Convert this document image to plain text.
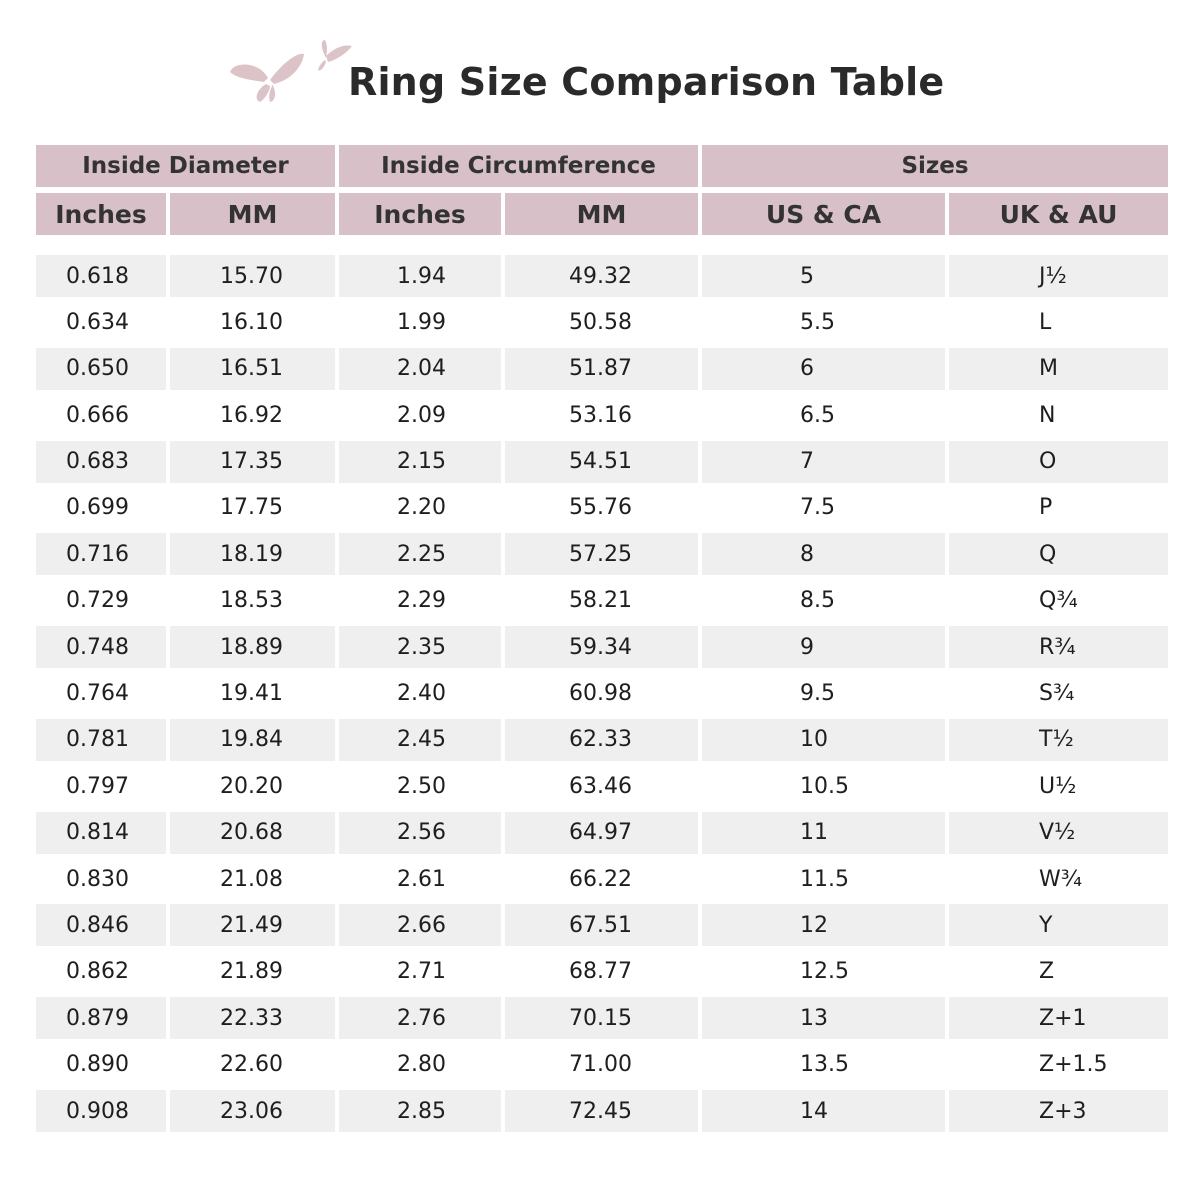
Ring Size Comparison Table
Inside Diameter	Inside Circumference	Sizes
Inches	MM	Inches	MM	US & CA	UK & AU
0.618	15.70	1.94	49.32	5	J½
0.634	16.10	1.99	50.58	5.5	L
0.650	16.51	2.04	51.87	6	M
0.666	16.92	2.09	53.16	6.5	N
0.683	17.35	2.15	54.51	7	O
0.699	17.75	2.20	55.76	7.5	P
0.716	18.19	2.25	57.25	8	Q
0.729	18.53	2.29	58.21	8.5	Q¾
0.748	18.89	2.35	59.34	9	R¾
0.764	19.41	2.40	60.98	9.5	S¾
0.781	19.84	2.45	62.33	10	T½
0.797	20.20	2.50	63.46	10.5	U½
0.814	20.68	2.56	64.97	11	V½
0.830	21.08	2.61	66.22	11.5	W¾
0.846	21.49	2.66	67.51	12	Y
0.862	21.89	2.71	68.77	12.5	Z
0.879	22.33	2.76	70.15	13	Z+1
0.890	22.60	2.80	71.00	13.5	Z+1.5
0.908	23.06	2.85	72.45	14	Z+3
